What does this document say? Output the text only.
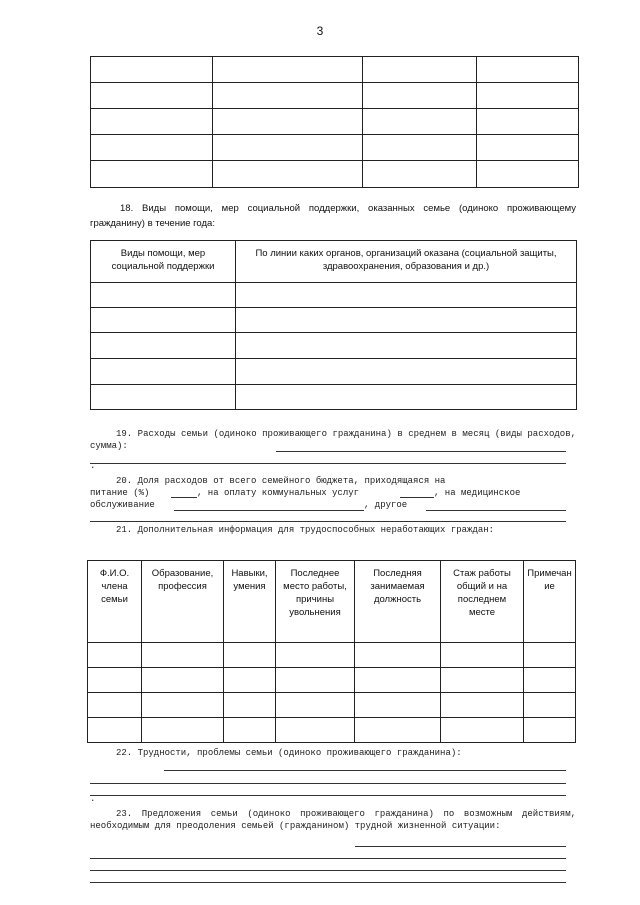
3

18. Виды помощи, мер социальной поддержки, оказанных семье (одиноко проживающему гражданину) в течение года:
Виды помощи, мер социальной поддержки	По линии каких органов, организаций оказана (социальной защиты, здравоохранения, образования и др.)

19. Расходы семьи (одиноко проживающего гражданина) в среднем в месяц (виды расходов, сумма):
.
20. Доля расходов от всего семейного бюджета, приходящаяся на
питание (%)	, на оплату коммунальных услуг	, на медицинское
обслуживание	, другое
21. Дополнительная информация для трудоспособных неработающих граждан:
Ф.И.О. члена семьи	Образование, профессия	Навыки, умения	Последнее место работы, причины увольнения	Последняя занимаемая должность	Стаж работы общий и на последнем месте	Примечание

22. Трудности, проблемы семьи (одиноко проживающего гражданина):
.
23. Предложения семьи (одиноко проживающего гражданина) по возможным действиям, необходимым для преодоления семьей (гражданином) трудной жизненной ситуации:
